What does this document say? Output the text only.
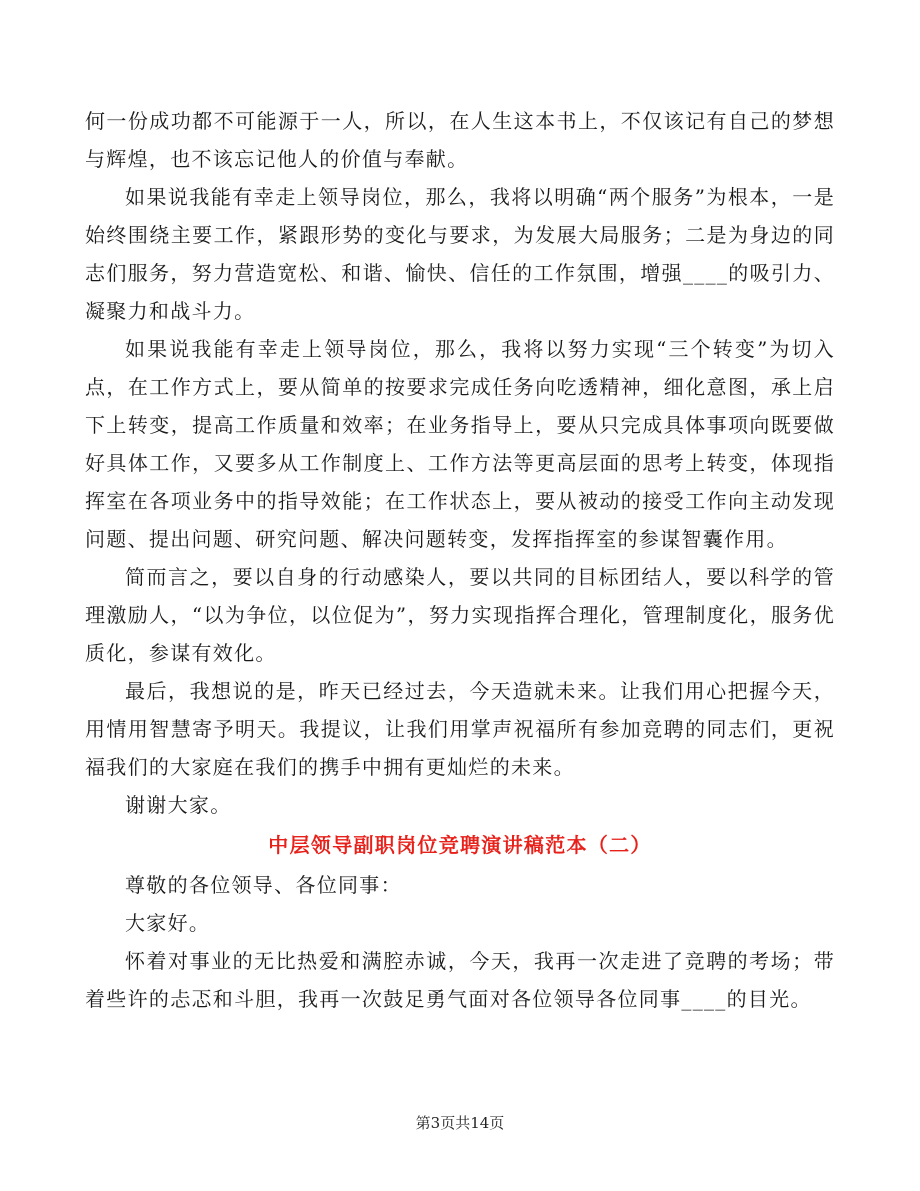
何一份成功都不可能源于一人，所以，在人生这本书上，不仅该记有自己的梦想与辉煌，也不该忘记他人的价值与奉献。

如果说我能有幸走上领导岗位，那么，我将以明确“两个服务”为根本，一是始终围绕主要工作，紧跟形势的变化与要求，为发展大局服务；二是为身边的同志们服务，努力营造宽松、和谐、愉快、信任的工作氛围，增强____的吸引力、凝聚力和战斗力。

如果说我能有幸走上领导岗位，那么，我将以努力实现“三个转变”为切入点，在工作方式上，要从简单的按要求完成任务向吃透精神，细化意图，承上启下上转变，提高工作质量和效率；在业务指导上，要从只完成具体事项向既要做好具体工作，又要多从工作制度上、工作方法等更高层面的思考上转变，体现指挥室在各项业务中的指导效能；在工作状态上，要从被动的接受工作向主动发现问题、提出问题、研究问题、解决问题转变，发挥指挥室的参谋智囊作用。

简而言之，要以自身的行动感染人，要以共同的目标团结人，要以科学的管理激励人，“以为争位，以位促为”，努力实现指挥合理化，管理制度化，服务优质化，参谋有效化。

最后，我想说的是，昨天已经过去，今天造就未来。让我们用心把握今天，用情用智慧寄予明天。我提议，让我们用掌声祝福所有参加竞聘的同志们，更祝福我们的大家庭在我们的携手中拥有更灿烂的未来。

谢谢大家。

中层领导副职岗位竞聘演讲稿范本（二）

尊敬的各位领导、各位同事：

大家好。

怀着对事业的无比热爱和满腔赤诚，今天，我再一次走进了竞聘的考场；带着些许的忐忑和斗胆，我再一次鼓足勇气面对各位领导各位同事____的目光。

第3页共14页
